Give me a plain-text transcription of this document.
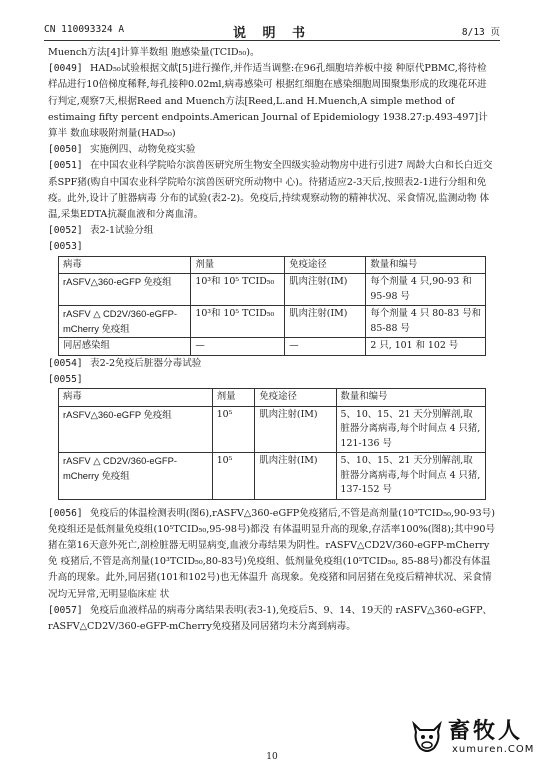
CN 110093324 A	说 明 书	8/13 页

Muench方法[4]计算半数组 胞感染量(TCID₅₀)。

[0049] HAD₅₀试验根据文献[5]进行操作,并作适当调整:在96孔细胞培养板中接 种原代PBMC,将待检样品进行10倍梯度稀释,每孔接种0.02ml,病毒感染可 根据红细胞在感染细胞周围聚集形成的玫瑰花环进行判定,观察7天,根据Reed and Muench方法[Reed,L.and H.Muench,A simple method of estimaing fifty percent endpoints.American Journal of Epidemiology 1938.27:p.493-497]计算半 数血球吸附剂量(HAD₅₀)

[0050] 实施例四、动物免疫实验

[0051] 在中国农业科学院哈尔滨兽医研究所生物安全四级实验动物房中进行引进7 周龄大白和长白近交系SPF猪(购自中国农业科学院哈尔滨兽医研究所动物中 心)。待猪适应2-3天后,按照表2-1进行分组和免疫。此外,设计了脏器病毒 分布的试验(表2-2)。免疫后,持续观察动物的精神状况、采食情况,监测动物 体温,采集EDTA抗凝血液和分离血清。

[0052] 表2-1试验分组

[0053]

病毒	剂量	免疫途径	数量和编号
rASFV△360-eGFP 免疫组	10³和 10⁵ TCID₅₀	肌肉注射(IM)	每个剂量 4 只,90-93 和 95-98 号
rASFV △ CD2V/360-eGFP- mCherry 免疫组	10³和 10⁵ TCID₅₀	肌肉注射(IM)	每个剂量 4 只 80-83 号和 85-88 号
同居感染组	—	—	2 只, 101 和 102 号

[0054] 表2-2免疫后脏器分毒试验

[0055]

病毒	剂量	免疫途径	数量和编号
rASFV△360-eGFP 免疫组	10⁵	肌肉注射(IM)	5、10、15、21 天分别解剖,取脏器分离病毒,每个时间点 4 只猪, 121-136 号
rASFV △ CD2V/360-eGFP-mCherry 免疫组	10⁵	肌肉注射(IM)	5、10、15、21 天分别解剖,取脏器分离病毒,每个时间点 4 只猪, 137-152 号

[0056] 免疫后的体温检测表明(图6),rASFV△360-eGFP免疫猪后,不管是高剂量(10³TCID₅₀,90-93号)免疫组还是低剂量免疫组(10⁵TCID₅₀,95-98号)都没 有体温明显升高的现象,存活率100%(图8);其中90号猪在第16天意外死亡,剖检脏器无明显病变,血液分毒结果为阴性。rASFV△CD2V/360-eGFP-mCherry免 疫猪后,不管是高剂量(10³TCID₅₀,80-83号)免疫组、低剂量免疫组(10⁵TCID₅₀, 85-88号)都没有体温升高的现象。此外,同居猪(101和102号)也无体温升 高现象。免疫猪和同居猪在免疫后精神状况、采食情况均无异常,无明显临床症 状

[0057] 免疫后血液样品的病毒分离结果表明(表3-1),免疫后5、9、14、19天的 rASFV△360-eGFP、rASFV△CD2V/360-eGFP-mCherry免疫猪及同居猪均未分离到病毒。

10
畜牧人
xumuren.COM
